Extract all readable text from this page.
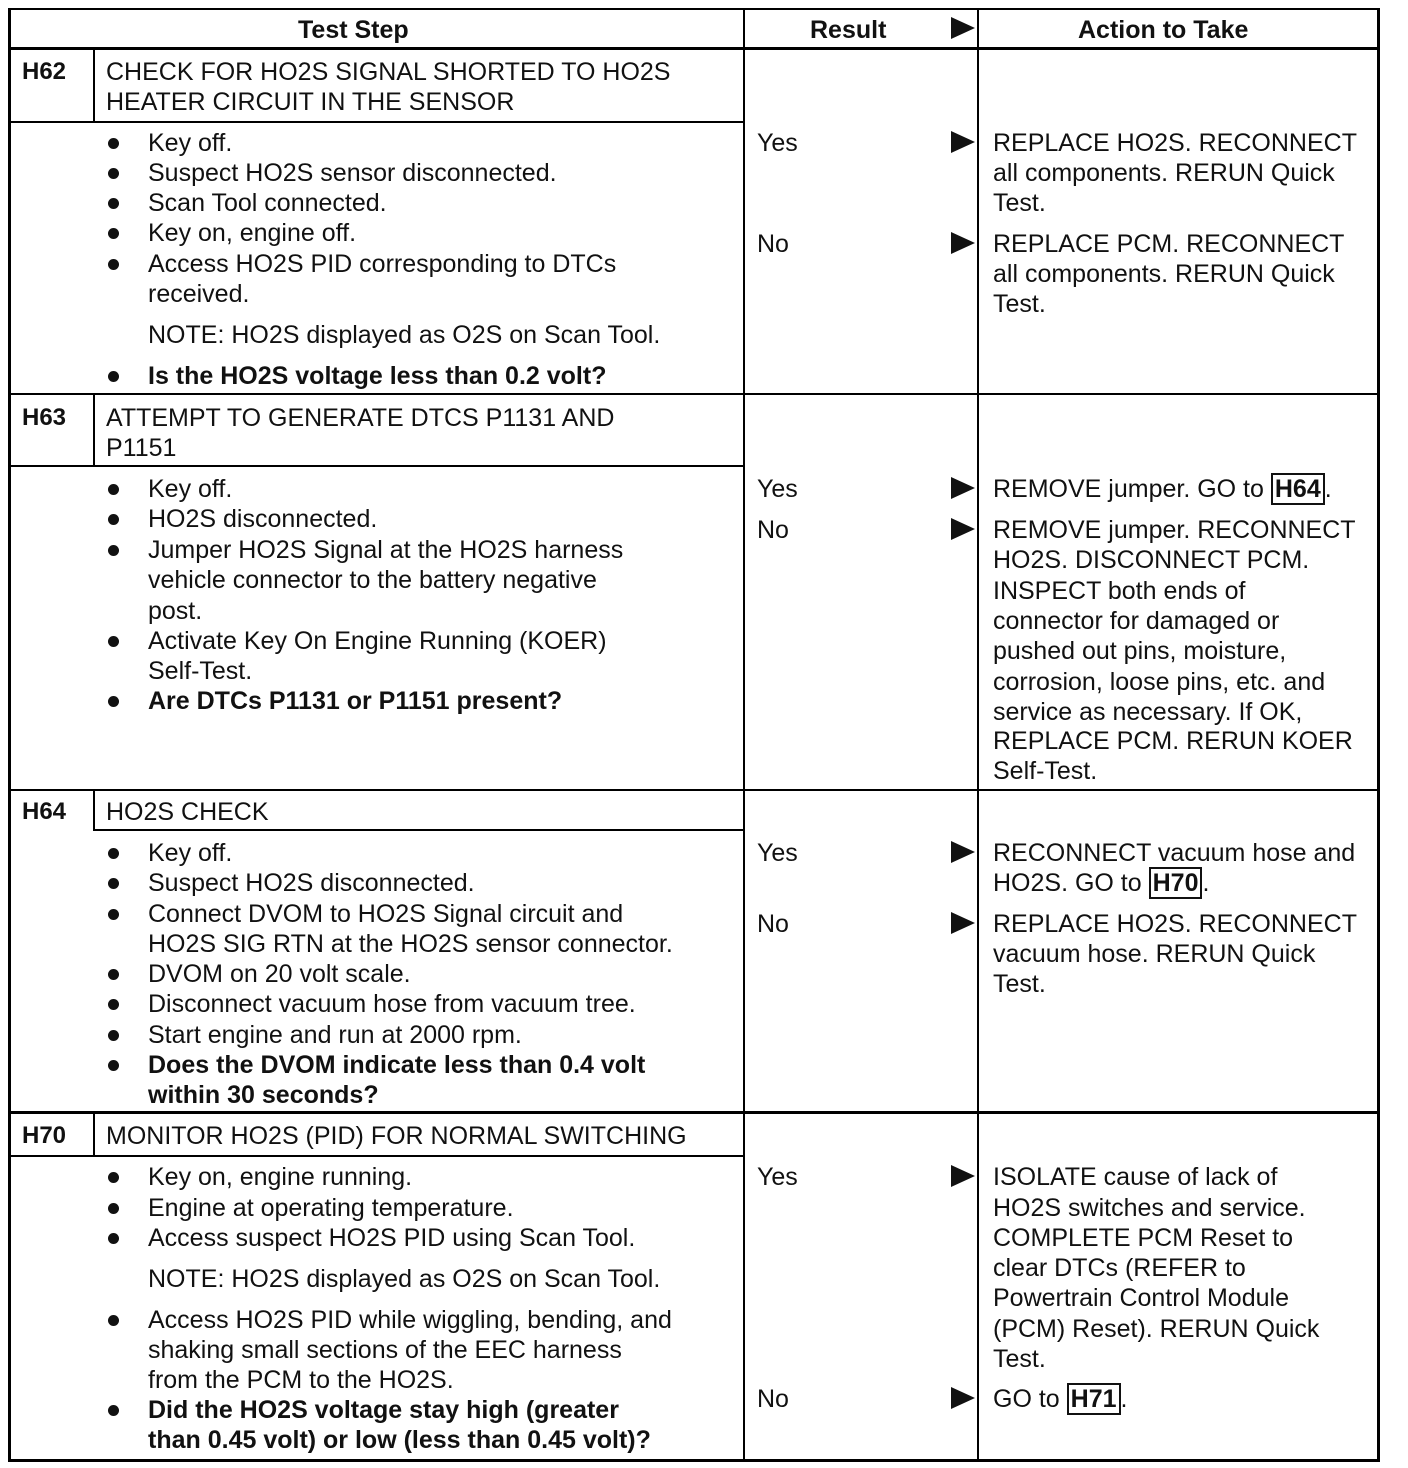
Test Step	Result	Action to Take
H62 CHECK FOR HO2S SIGNAL SHORTED TO HO2S
HEATER CIRCUIT IN THE SENSOR
Key off.
Suspect HO2S sensor disconnected.
Scan Tool connected.
Key on, engine off.
Access HO2S PID corresponding to DTCs
received.
NOTE: HO2S displayed as O2S on Scan Tool.
Is the HO2S voltage less than 0.2 volt?
Yes	REPLACE HO2S. RECONNECT
all components. RERUN Quick
Test.
No	REPLACE PCM. RECONNECT
all components. RERUN Quick
Test.
H63 ATTEMPT TO GENERATE DTCS P1131 AND
P1151
Key off.
HO2S disconnected.
Jumper HO2S Signal at the HO2S harness
vehicle connector to the battery negative
post.
Activate Key On Engine Running (KOER)
Self-Test.
Are DTCs P1131 or P1151 present?
Yes	REMOVE jumper. GO to H64 .
No	REMOVE jumper. RECONNECT
HO2S. DISCONNECT PCM.
INSPECT both ends of
connector for damaged or
pushed out pins, moisture,
corrosion, loose pins, etc. and
service as necessary. If OK,
REPLACE PCM. RERUN KOER
Self-Test.
H64 HO2S CHECK
Key off.
Suspect HO2S disconnected.
Connect DVOM to HO2S Signal circuit and
HO2S SIG RTN at the HO2S sensor connector.
DVOM on 20 volt scale.
Disconnect vacuum hose from vacuum tree.
Start engine and run at 2000 rpm.
Does the DVOM indicate less than 0.4 volt
within 30 seconds?
Yes	RECONNECT vacuum hose and
HO2S. GO to H70 .
No	REPLACE HO2S. RECONNECT
vacuum hose. RERUN Quick
Test.
H70 MONITOR HO2S (PID) FOR NORMAL SWITCHING
Key on, engine running.
Engine at operating temperature.
Access suspect HO2S PID using Scan Tool.
NOTE: HO2S displayed as O2S on Scan Tool.
Access HO2S PID while wiggling, bending, and
shaking small sections of the EEC harness
from the PCM to the HO2S.
Did the HO2S voltage stay high (greater
than 0.45 volt) or low (less than 0.45 volt)?
Yes	ISOLATE cause of lack of
HO2S switches and service.
COMPLETE PCM Reset to
clear DTCs (REFER to
Powertrain Control Module
(PCM) Reset). RERUN Quick
Test.
No	GO to H71 .
